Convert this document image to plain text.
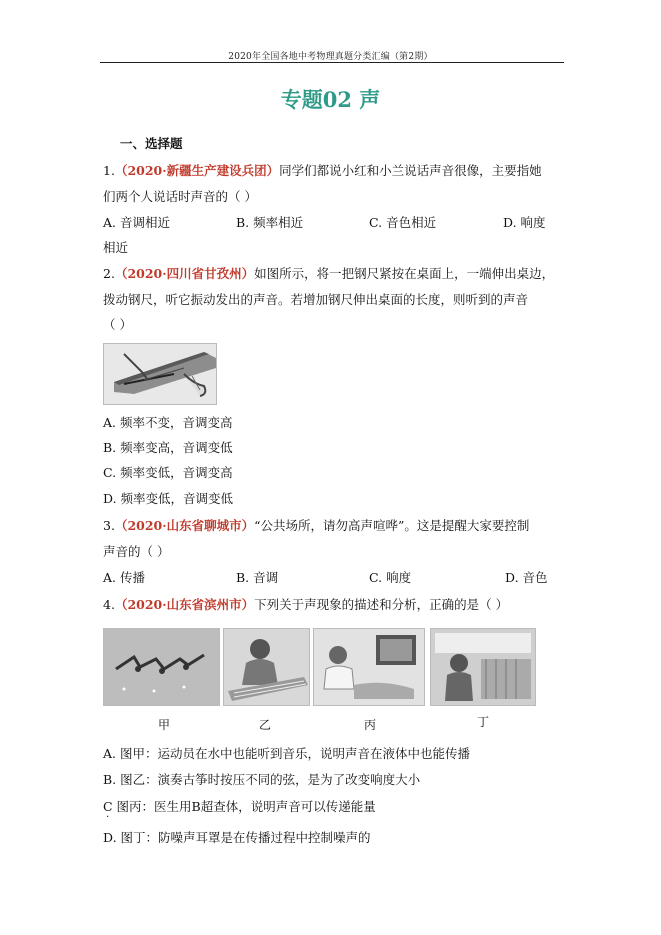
2020年全国各地中考物理真题分类汇编（第2期）
专题02 声
一、选择题
1.（2020·新疆生产建设兵团）同学们都说小红和小兰说话声音很像，主要指她
们两个人说话时声音的（ ）
A. 音调相近	B. 频率相近	C. 音色相近	D. 响度
相近
2.（2020·四川省甘孜州）如图所示，将一把钢尺紧按在桌面上，一端伸出桌边，
拨动钢尺，听它振动发出的声音。若增加钢尺伸出桌面的长度，则听到的声音
（ ）
A. 频率不变，音调变高
B. 频率变高，音调变低
C. 频率变低，音调变高
D. 频率变低，音调变低
3.（2020·山东省聊城市）“公共场所，请勿高声喧哗”。这是提醒大家要控制
声音的（ ）
A. 传播	B. 音调	C. 响度	D. 音色
4.（2020·山东省滨州市）下列关于声现象的描述和分析，正确的是（ ）
甲	乙	丙	丁
A. 图甲：运动员在水中也能听到音乐，说明声音在液体中也能传播
B. 图乙：演奏古筝时按压不同的弦，是为了改变响度大小
C 图丙：医生用B超查体，说明声音可以传递能量
·
D. 图丁：防噪声耳罩是在传播过程中控制噪声的
